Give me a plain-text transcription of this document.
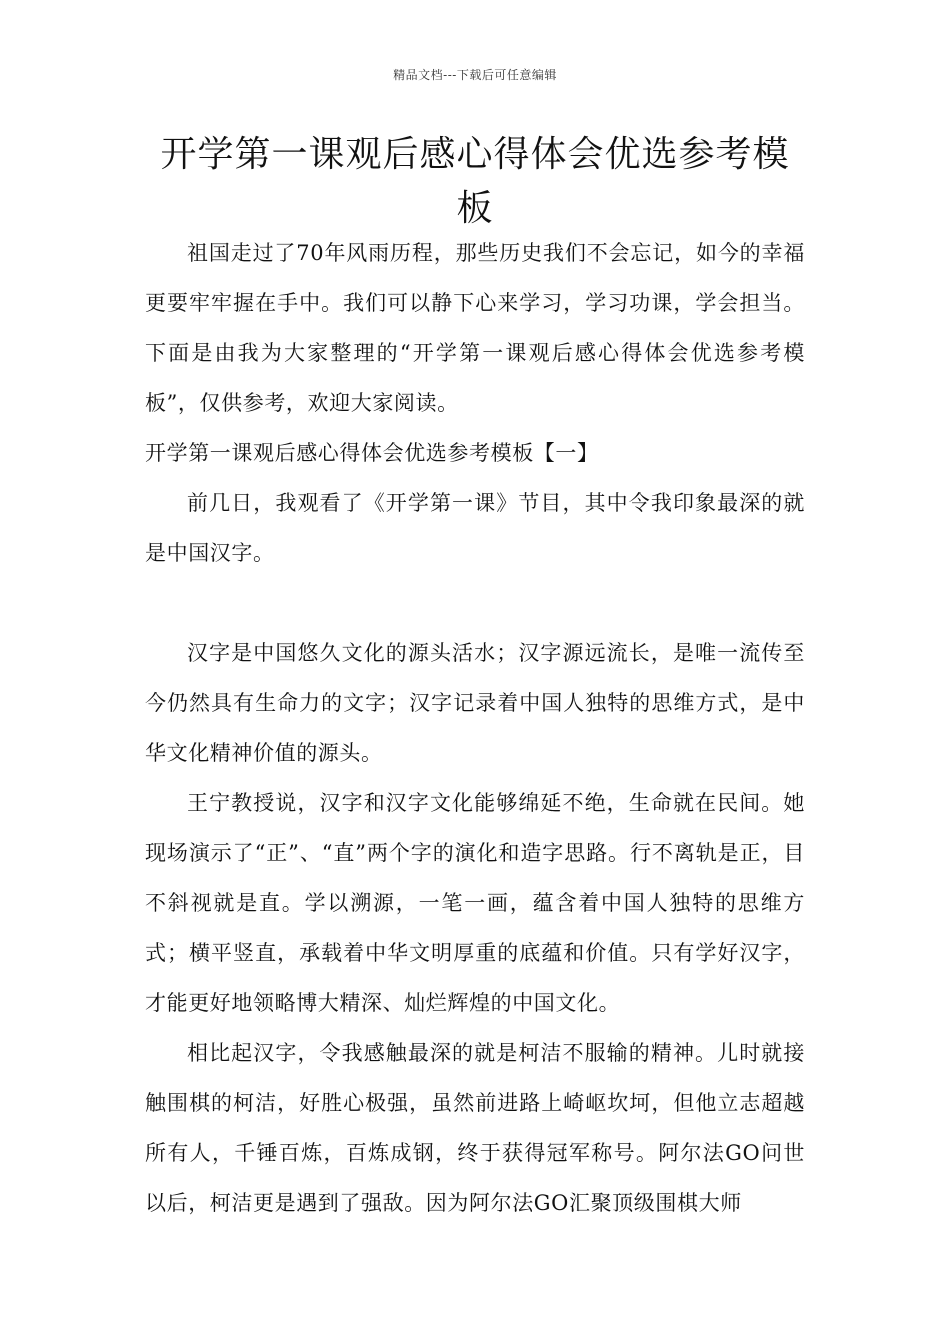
精品文档---下载后可任意编辑
开学第一课观后感心得体会优选参考模板

祖国走过了70年风雨历程，那些历史我们不会忘记，如今的幸福更要牢牢握在手中。我们可以静下心来学习，学习功课，学会担当。下面是由我为大家整理的“开学第一课观后感心得体会优选参考模板”，仅供参考，欢迎大家阅读。

开学第一课观后感心得体会优选参考模板【一】

前几日，我观看了《开学第一课》节目，其中令我印象最深的就是中国汉字。

汉字是中国悠久文化的源头活水；汉字源远流长，是唯一流传至今仍然具有生命力的文字；汉字记录着中国人独特的思维方式，是中华文化精神价值的源头。

王宁教授说，汉字和汉字文化能够绵延不绝，生命就在民间。她现场演示了“正”、“直”两个字的演化和造字思路。行不离轨是正，目不斜视就是直。学以溯源，一笔一画，蕴含着中国人独特的思维方式；横平竖直，承载着中华文明厚重的底蕴和价值。只有学好汉字，才能更好地领略博大精深、灿烂辉煌的中国文化。

相比起汉字，令我感触最深的就是柯洁不服输的精神。儿时就接触围棋的柯洁，好胜心极强，虽然前进路上崎岖坎坷，但他立志超越所有人，千锤百炼，百炼成钢，终于获得冠军称号。阿尔法GO问世以后，柯洁更是遇到了强敌。因为阿尔法GO汇聚顶级围棋大师
